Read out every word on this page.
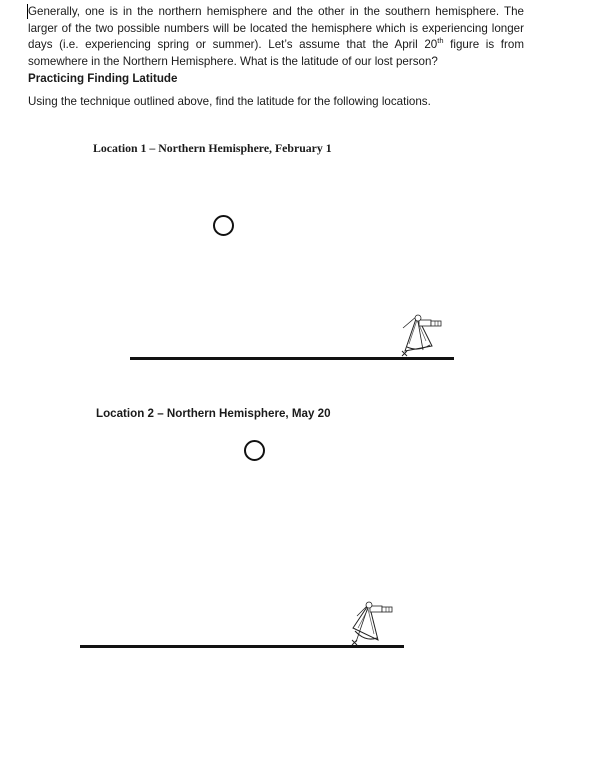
Generally, one is in the northern hemisphere and the other in the southern hemisphere. The larger of the two possible numbers will be located the hemisphere which is experiencing longer days (i.e. experiencing spring or summer). Let’s assume that the April 20th figure is from somewhere in the Northern Hemisphere. What is the latitude of our lost person?

Practicing Finding Latitude
Using the technique outlined above, find the latitude for the following locations.
Location 1 – Northern Hemisphere, February 1
Location 2 – Northern Hemisphere, May 20
